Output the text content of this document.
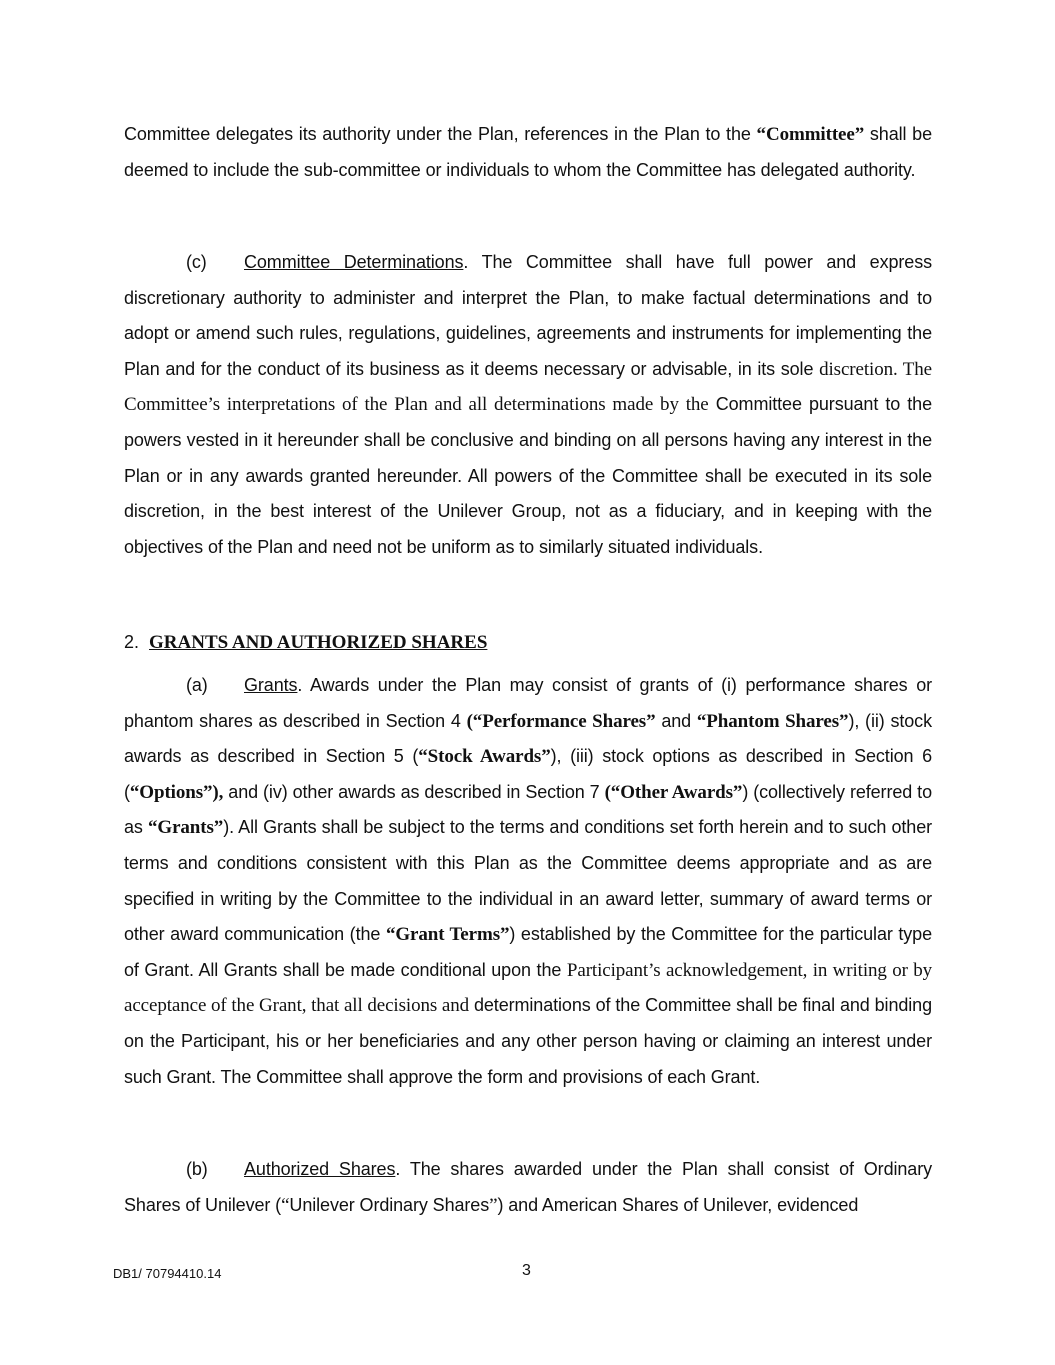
Committee delegates its authority under the Plan, references in the Plan to the “Committee” shall be deemed to include the sub-committee or individuals to whom the Committee has delegated authority.

(c) Committee Determinations. The Committee shall have full power and express discretionary authority to administer and interpret the Plan, to make factual determinations and to adopt or amend such rules, regulations, guidelines, agreements and instruments for implementing the Plan and for the conduct of its business as it deems necessary or advisable, in its sole discretion. The Committee’s interpretations of the Plan and all determinations made by the Committee pursuant to the powers vested in it hereunder shall be conclusive and binding on all persons having any interest in the Plan or in any awards granted hereunder. All powers of the Committee shall be executed in its sole discretion, in the best interest of the Unilever Group, not as a fiduciary, and in keeping with the objectives of the Plan and need not be uniform as to similarly situated individuals.

2. GRANTS AND AUTHORIZED SHARES

(a) Grants. Awards under the Plan may consist of grants of (i) performance shares or phantom shares as described in Section 4 (“Performance Shares” and “Phantom Shares”), (ii) stock awards as described in Section 5 (“Stock Awards”), (iii) stock options as described in Section 6 (“Options”), and (iv) other awards as described in Section 7 (“Other Awards”) (collectively referred to as “Grants”). All Grants shall be subject to the terms and conditions set forth herein and to such other terms and conditions consistent with this Plan as the Committee deems appropriate and as are specified in writing by the Committee to the individual in an award letter, summary of award terms or other award communication (the “Grant Terms”) established by the Committee for the particular type of Grant. All Grants shall be made conditional upon the Participant’s acknowledgement, in writing or by acceptance of the Grant, that all decisions and determinations of the Committee shall be final and binding on the Participant, his or her beneficiaries and any other person having or claiming an interest under such Grant. The Committee shall approve the form and provisions of each Grant.

(b) Authorized Shares. The shares awarded under the Plan shall consist of Ordinary Shares of Unilever (“Unilever Ordinary Shares”) and American Shares of Unilever, evidenced

DB1/ 70794410.14	3
